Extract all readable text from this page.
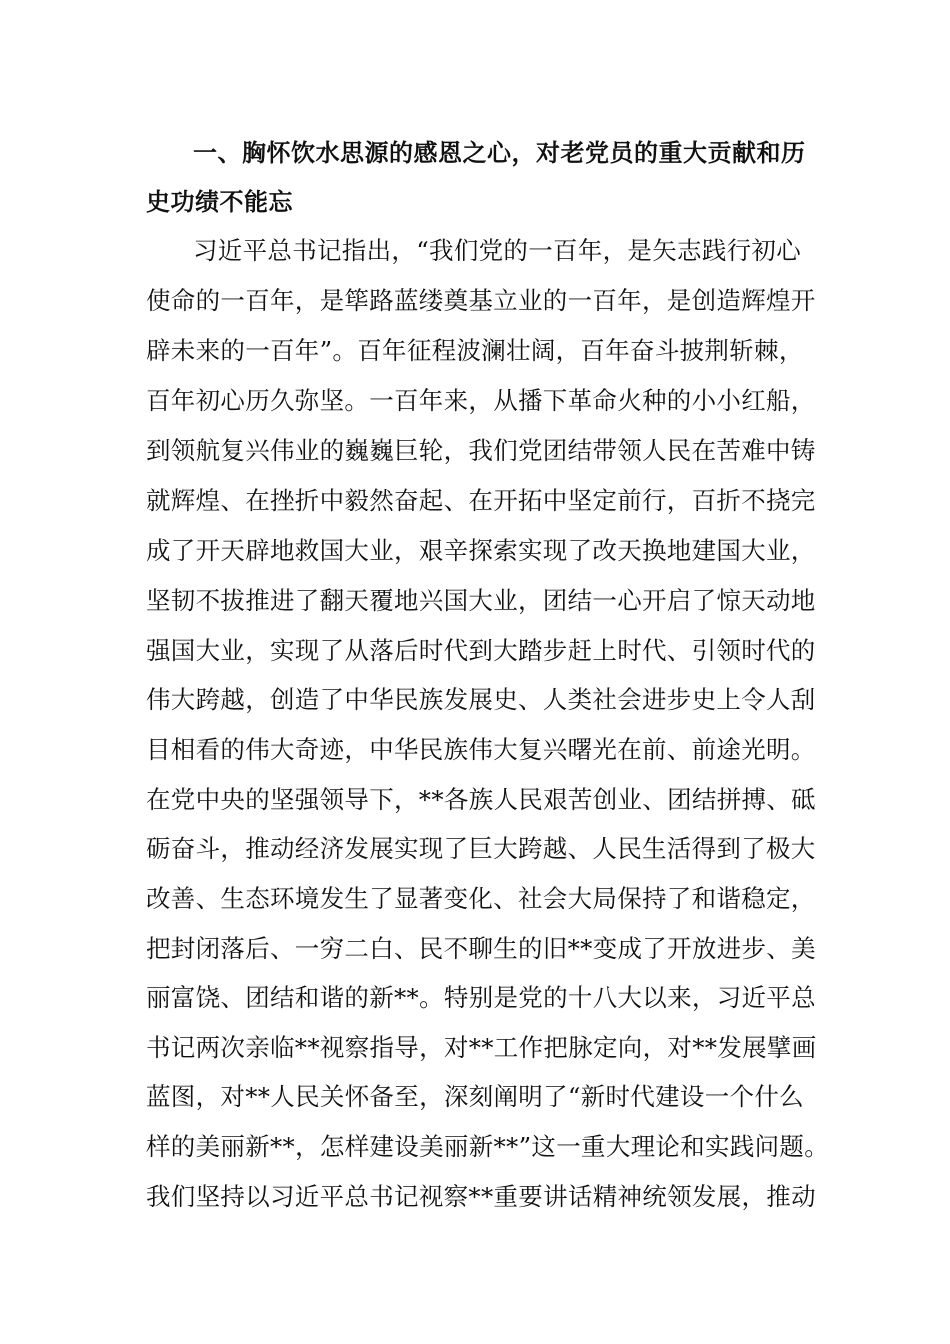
一、胸怀饮水思源的感恩之心，对老党员的重大贡献和历
史功绩不能忘
习近平总书记指出，“我们党的一百年，是矢志践行初心
使命的一百年，是筚路蓝缕奠基立业的一百年，是创造辉煌开
辟未来的一百年”。百年征程波澜壮阔，百年奋斗披荆斩棘，
百年初心历久弥坚。一百年来，从播下革命火种的小小红船，
到领航复兴伟业的巍巍巨轮，我们党团结带领人民在苦难中铸
就辉煌、在挫折中毅然奋起、在开拓中坚定前行，百折不挠完
成了开天辟地救国大业，艰辛探索实现了改天换地建国大业，
坚韧不拔推进了翻天覆地兴国大业，团结一心开启了惊天动地
强国大业，实现了从落后时代到大踏步赶上时代、引领时代的
伟大跨越，创造了中华民族发展史、人类社会进步史上令人刮
目相看的伟大奇迹，中华民族伟大复兴曙光在前、前途光明。
在党中央的坚强领导下，**各族人民艰苦创业、团结拼搏、砥
砺奋斗，推动经济发展实现了巨大跨越、人民生活得到了极大
改善、生态环境发生了显著变化、社会大局保持了和谐稳定，
把封闭落后、一穷二白、民不聊生的旧**变成了开放进步、美
丽富饶、团结和谐的新**。特别是党的十八大以来，习近平总
书记两次亲临**视察指导，对**工作把脉定向，对**发展擘画
蓝图，对**人民关怀备至，深刻阐明了“新时代建设一个什么
样的美丽新**，怎样建设美丽新**”这一重大理论和实践问题。
我们坚持以习近平总书记视察**重要讲话精神统领发展，推动
